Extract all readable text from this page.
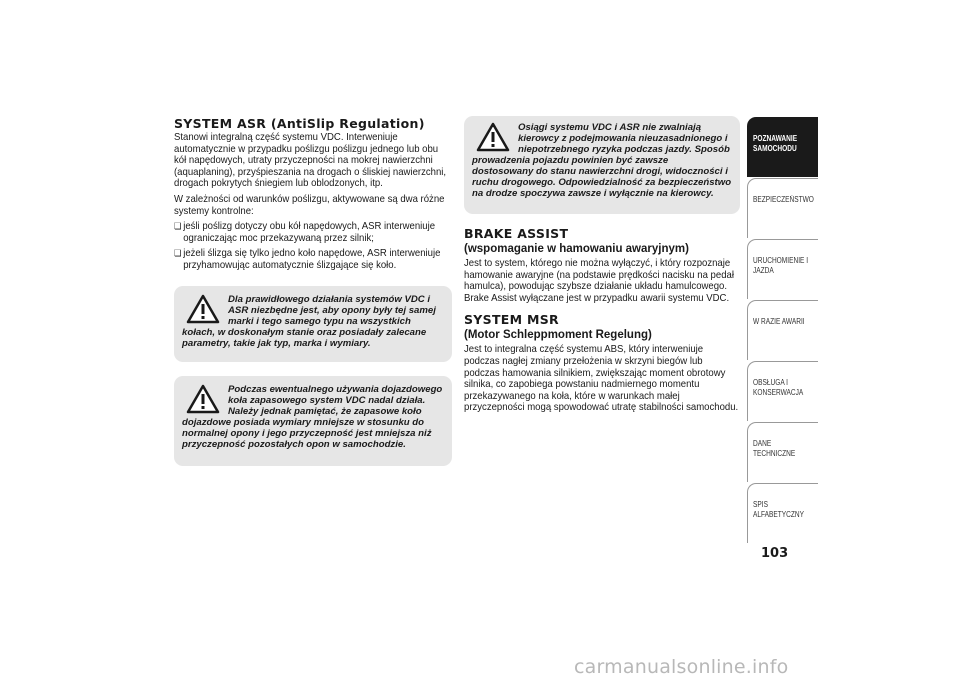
SYSTEM ASR (AntiSlip Regulation)

Stanowi integralną część systemu VDC. Interweniuje automatycznie w przypadku poślizgu poślizgu jednego lub obu kół napędowych, utraty przyczepności na mokrej nawierzchni (aquaplaning), przyśpieszania na drogach o śliskiej nawierzchni, drogach pokrytych śniegiem lub oblodzonych, itp.

W zależności od warunków poślizgu, aktywowane są dwa różne systemy kontrolne:

❏ jeśli poślizg dotyczy obu kół napędowych, ASR interweniuje ograniczając moc przekazywaną przez silnik;

❏ jeżeli ślizga się tylko jedno koło napędowe, ASR interweniuje przyhamowując automatycznie ślizgające się koło.

Dla prawidłowego działania systemów VDC i ASR niezbędne jest, aby opony były tej samej marki i tego samego typu na wszystkich kołach, w doskonałym stanie oraz posiadały zalecane parametry, takie jak typ, marka i wymiary.

Podczas ewentualnego używania dojazdowego koła zapasowego system VDC nadal działa. Należy jednak pamiętać, że zapasowe koło dojazdowe posiada wymiary mniejsze w stosunku do normalnej opony i jego przyczepność jest mniejsza niż przyczepność pozostałych opon w samochodzie.

Osiągi systemu VDC i ASR nie zwalniają kierowcy z podejmowania nieuzasadnionego i niepotrzebnego ryzyka podczas jazdy. Sposób prowadzenia pojazdu powinien być zawsze dostosowany do stanu nawierzchni drogi, widoczności i ruchu drogowego. Odpowiedzialność za bezpieczeństwo na drodze spoczywa zawsze i wyłącznie na kierowcy.

BRAKE ASSIST
(wspomaganie w hamowaniu awaryjnym)

Jest to system, którego nie można wyłączyć, i który rozpoznaje hamowanie awaryjne (na podstawie prędkości nacisku na pedał hamulca), powodując szybsze działanie układu hamulcowego. Brake Assist wyłączane jest w przypadku awarii systemu VDC.

SYSTEM MSR
(Motor Schleppmoment Regelung)

Jest to integralna część systemu ABS, który interweniuje podczas nagłej zmiany przełożenia w skrzyni biegów lub podczas hamowania silnikiem, zwiększając moment obrotowy silnika, co zapobiega powstaniu nadmiernego momentu przekazywanego na koła, które w warunkach małej przyczepności mogą spowodować utratę stabilności samochodu.

POZNAWANIE SAMOCHODU
BEZPIECZEŃSTWO
URUCHOMIENIE I JAZDA
W RAZIE AWARII
OBSŁUGA I KONSERWACJA
DANE TECHNICZNE
SPIS ALFABETYCZNY
103
carmanualsonline.info
